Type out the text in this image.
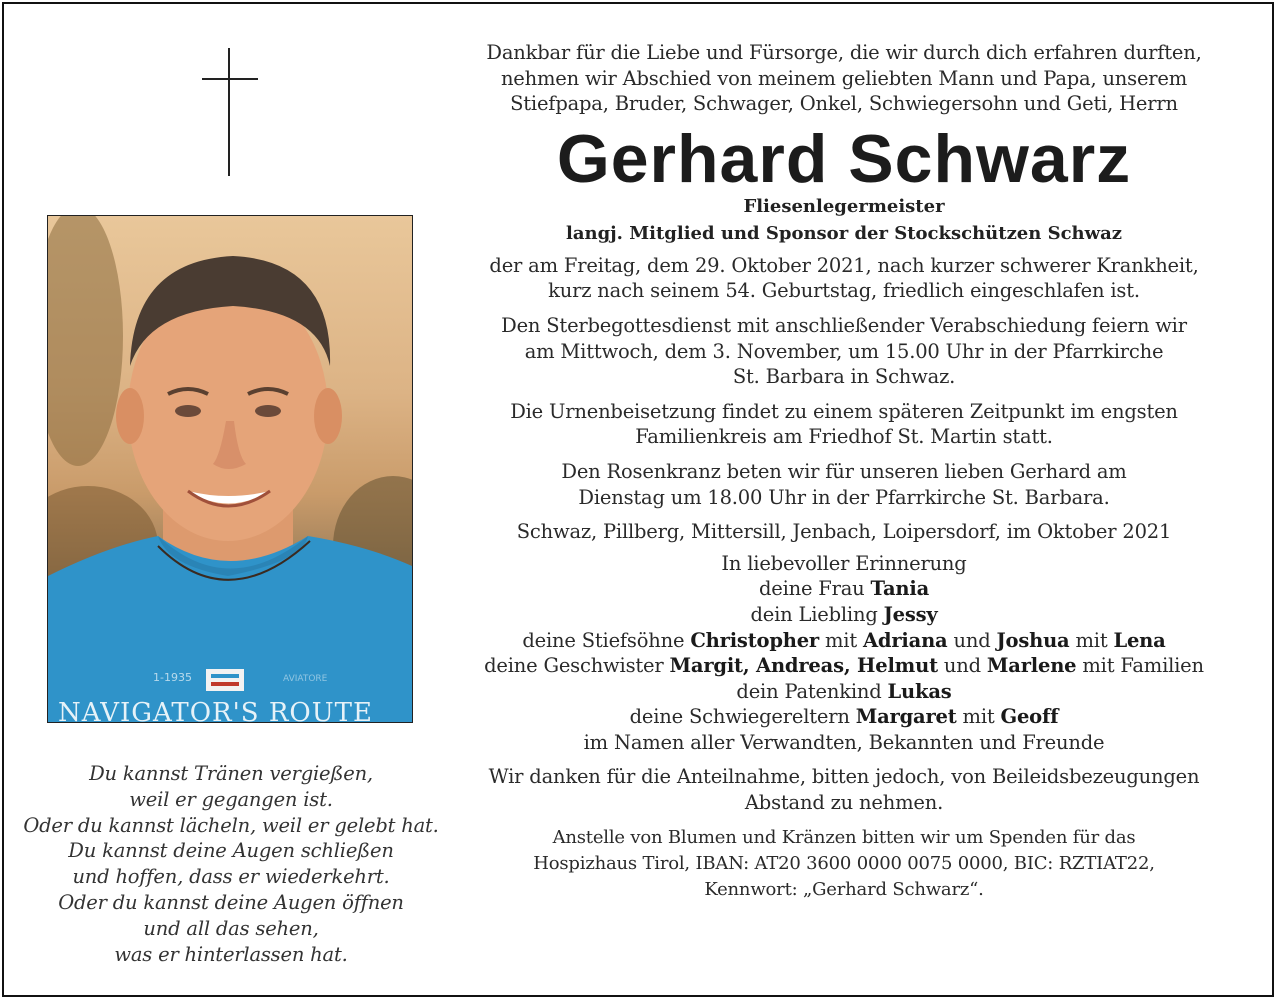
1-1935	AVIATORE
NAVIGATOR'S ROUTE
Du kannst Tränen vergießen,
weil er gegangen ist.
Oder du kannst lächeln, weil er gelebt hat.
Du kannst deine Augen schließen
und hoffen, dass er wiederkehrt.
Oder du kannst deine Augen öffnen
und all das sehen,
was er hinterlassen hat.
Dankbar für die Liebe und Fürsorge, die wir durch dich erfahren durften,
nehmen wir Abschied von meinem geliebten Mann und Papa, unserem
Stiefpapa, Bruder, Schwager, Onkel, Schwiegersohn und Geti, Herrn
Gerhard Schwarz
Fliesenlegermeister
langj. Mitglied und Sponsor der Stockschützen Schwaz
der am Freitag, dem 29. Oktober 2021, nach kurzer schwerer Krankheit,
kurz nach seinem 54. Geburtstag, friedlich eingeschlafen ist.
Den Sterbegottesdienst mit anschließender Verabschiedung feiern wir
am Mittwoch, dem 3. November, um 15.00 Uhr in der Pfarrkirche
St. Barbara in Schwaz.
Die Urnenbeisetzung findet zu einem späteren Zeitpunkt im engsten
Familienkreis am Friedhof St. Martin statt.
Den Rosenkranz beten wir für unseren lieben Gerhard am
Dienstag um 18.00 Uhr in der Pfarrkirche St. Barbara.
Schwaz, Pillberg, Mittersill, Jenbach, Loipersdorf, im Oktober 2021
In liebevoller Erinnerung
deine Frau Tania
dein Liebling Jessy
deine Stiefsöhne Christopher mit Adriana und Joshua mit Lena
deine Geschwister Margit, Andreas, Helmut und Marlene mit Familien
dein Patenkind Lukas
deine Schwiegereltern Margaret mit Geoff
im Namen aller Verwandten, Bekannten und Freunde
Wir danken für die Anteilnahme, bitten jedoch, von Beileidsbezeugungen
Abstand zu nehmen.
Anstelle von Blumen und Kränzen bitten wir um Spenden für das
Hospizhaus Tirol, IBAN: AT20 3600 0000 0075 0000, BIC: RZTIAT22,
Kennwort: „Gerhard Schwarz“.
